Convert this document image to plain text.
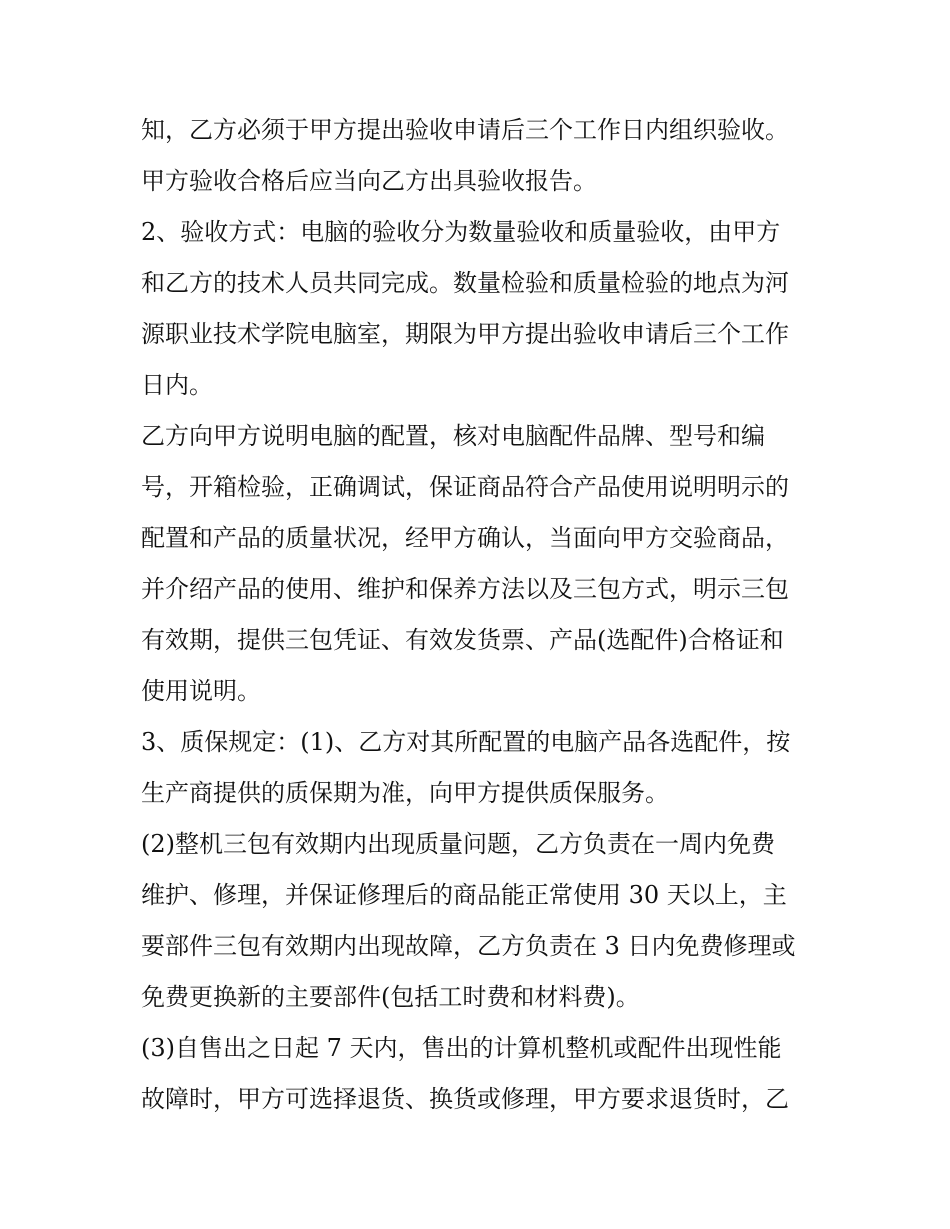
知，乙方必须于甲方提出验收申请后三个工作日内组织验收。
甲方验收合格后应当向乙方出具验收报告。
2、验收方式：电脑的验收分为数量验收和质量验收，由甲方
和乙方的技术人员共同完成。数量检验和质量检验的地点为河
源职业技术学院电脑室，期限为甲方提出验收申请后三个工作
日内。
乙方向甲方说明电脑的配置，核对电脑配件品牌、型号和编
号，开箱检验，正确调试，保证商品符合产品使用说明明示的
配置和产品的质量状况，经甲方确认，当面向甲方交验商品，
并介绍产品的使用、维护和保养方法以及三包方式，明示三包
有效期，提供三包凭证、有效发货票、产品(选配件)合格证和
使用说明。
3、质保规定：(1)、乙方对其所配置的电脑产品各选配件，按
生产商提供的质保期为准，向甲方提供质保服务。
(2)整机三包有效期内出现质量问题，乙方负责在一周内免费
维护、修理，并保证修理后的商品能正常使用 30 天以上，主
要部件三包有效期内出现故障，乙方负责在 3 日内免费修理或
免费更换新的主要部件(包括工时费和材料费)。
(3)自售出之日起 7 天内，售出的计算机整机或配件出现性能
故障时，甲方可选择退货、换货或修理，甲方要求退货时，乙
